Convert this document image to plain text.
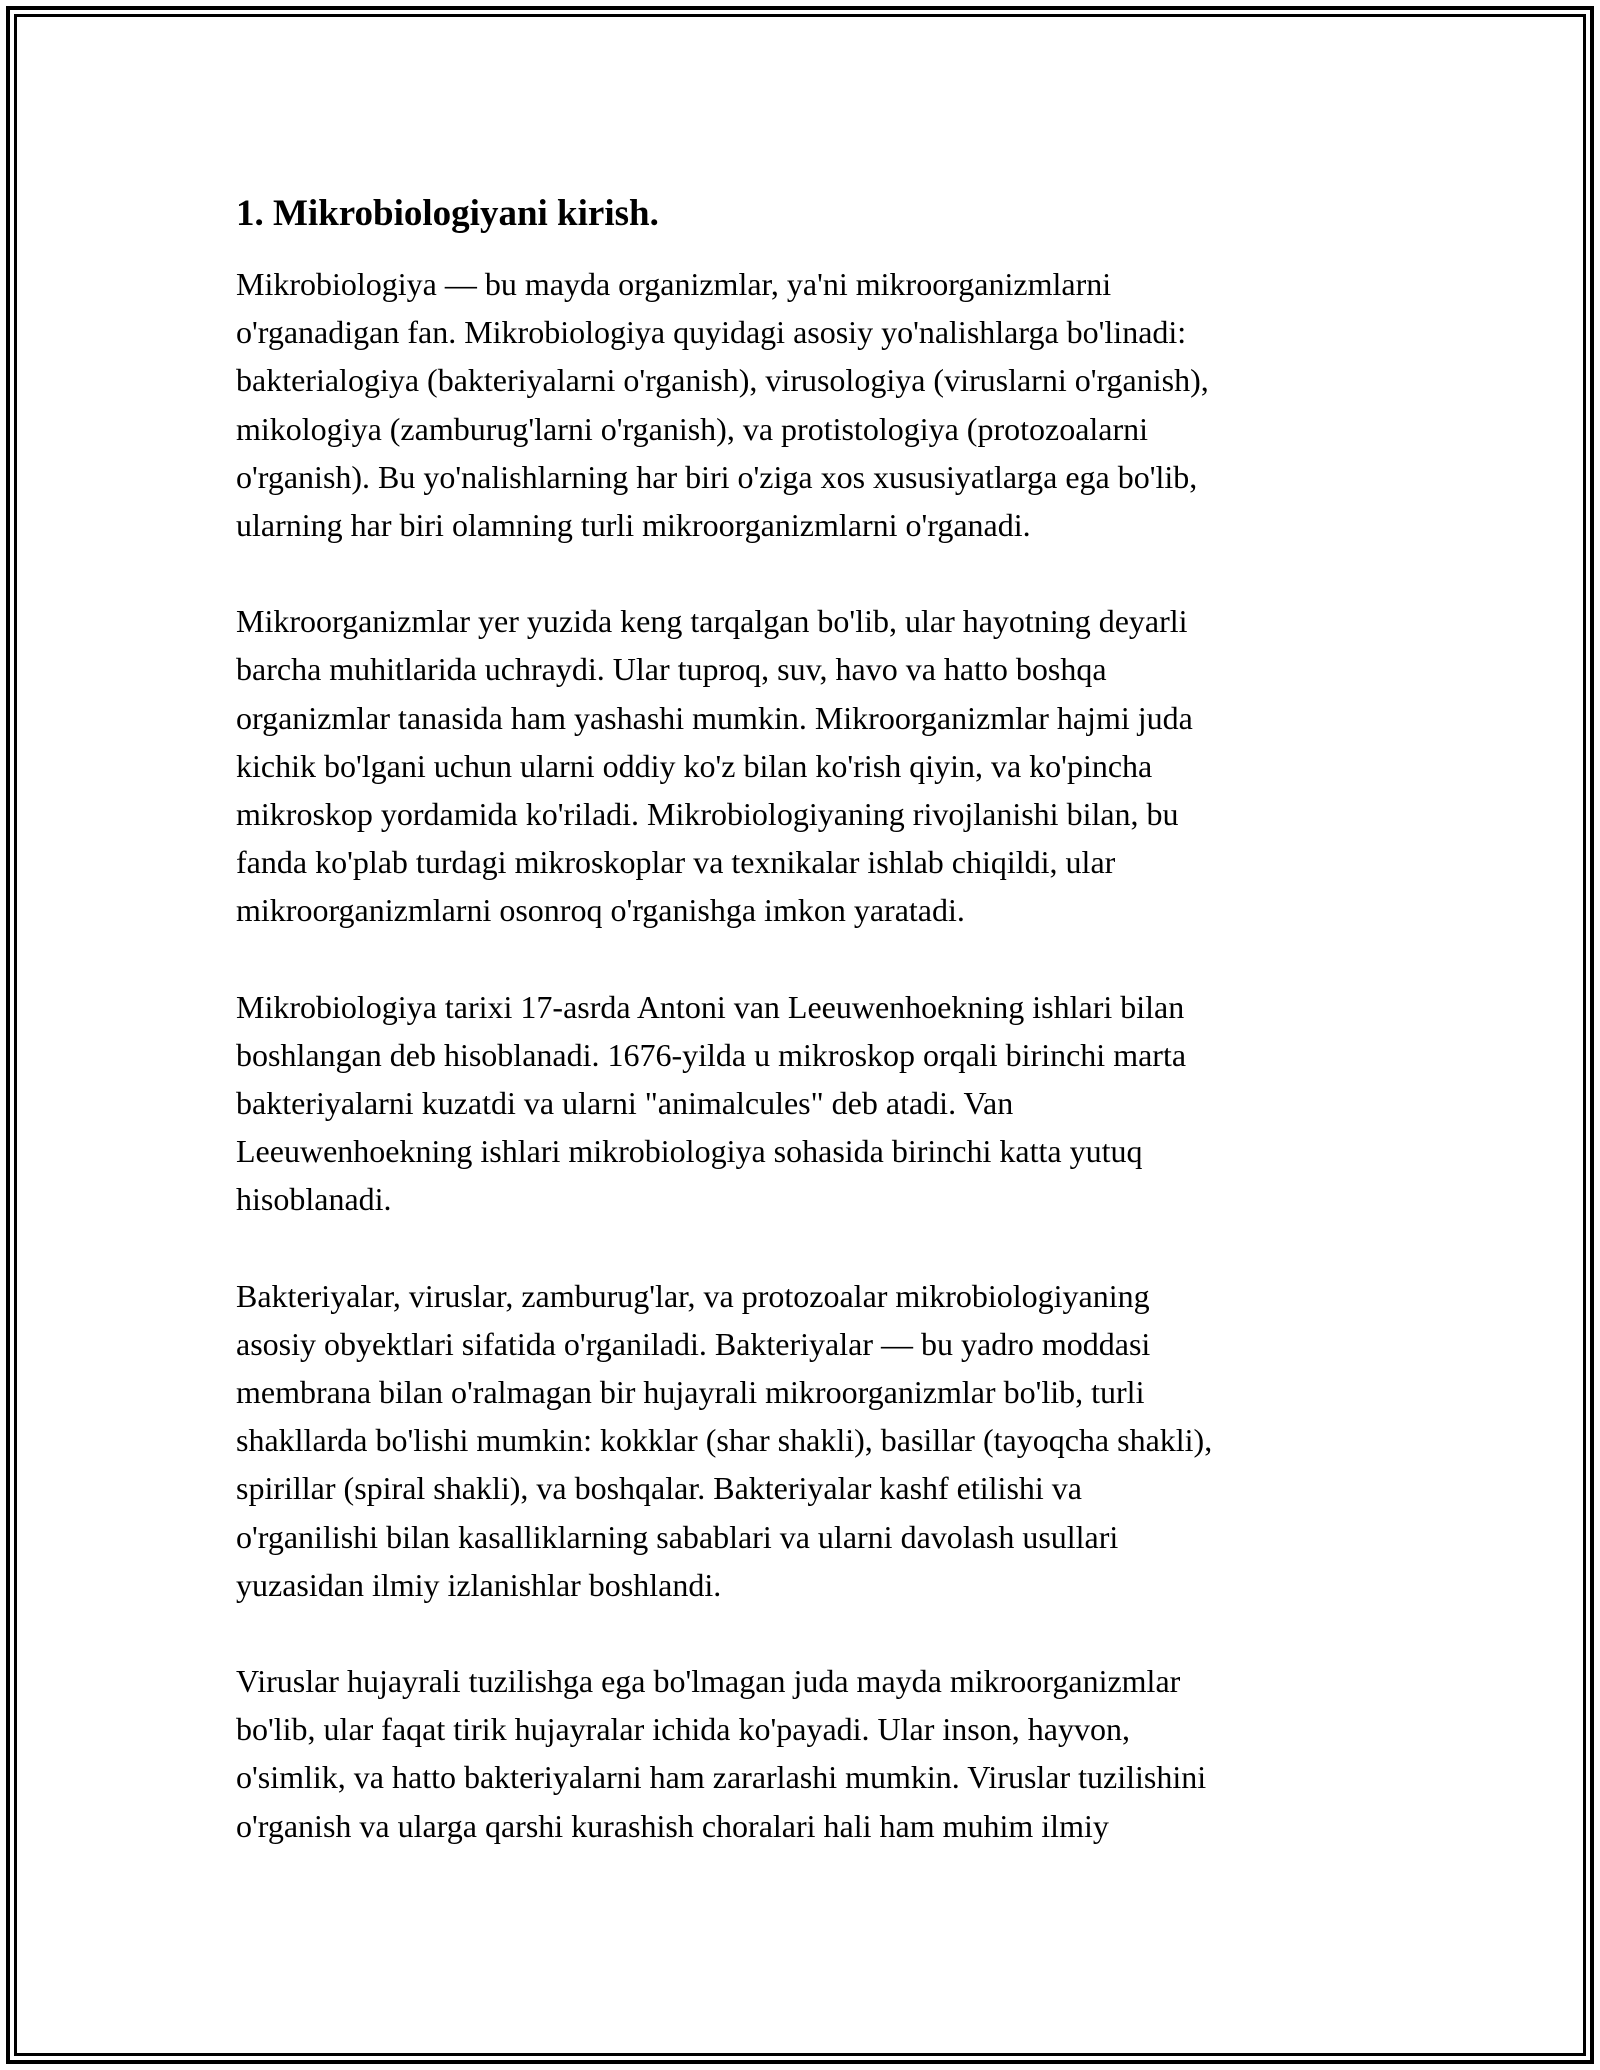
1. Mikrobiologiyani kirish.
Mikrobiologiya — bu mayda organizmlar, ya'ni mikroorganizmlarni
o'rganadigan fan. Mikrobiologiya quyidagi asosiy yo'nalishlarga bo'linadi:
bakterialogiya (bakteriyalarni o'rganish), virusologiya (viruslarni o'rganish),
mikologiya (zamburug'larni o'rganish), va protistologiya (protozoalarni
o'rganish). Bu yo'nalishlarning har biri o'ziga xos xususiyatlarga ega bo'lib,
ularning har biri olamning turli mikroorganizmlarni o'rganadi.
Mikroorganizmlar yer yuzida keng tarqalgan bo'lib, ular hayotning deyarli
barcha muhitlarida uchraydi. Ular tuproq, suv, havo va hatto boshqa
organizmlar tanasida ham yashashi mumkin. Mikroorganizmlar hajmi juda
kichik bo'lgani uchun ularni oddiy ko'z bilan ko'rish qiyin, va ko'pincha
mikroskop yordamida ko'riladi. Mikrobiologiyaning rivojlanishi bilan, bu
fanda ko'plab turdagi mikroskoplar va texnikalar ishlab chiqildi, ular
mikroorganizmlarni osonroq o'rganishga imkon yaratadi.
Mikrobiologiya tarixi 17-asrda Antoni van Leeuwenhoekning ishlari bilan
boshlangan deb hisoblanadi. 1676-yilda u mikroskop orqali birinchi marta
bakteriyalarni kuzatdi va ularni "animalcules" deb atadi. Van
Leeuwenhoekning ishlari mikrobiologiya sohasida birinchi katta yutuq
hisoblanadi.
Bakteriyalar, viruslar, zamburug'lar, va protozoalar mikrobiologiyaning
asosiy obyektlari sifatida o'rganiladi. Bakteriyalar — bu yadro moddasi
membrana bilan o'ralmagan bir hujayrali mikroorganizmlar bo'lib, turli
shakllarda bo'lishi mumkin: kokklar (shar shakli), basillar (tayoqcha shakli),
spirillar (spiral shakli), va boshqalar. Bakteriyalar kashf etilishi va
o'rganilishi bilan kasalliklarning sabablari va ularni davolash usullari
yuzasidan ilmiy izlanishlar boshlandi.
Viruslar hujayrali tuzilishga ega bo'lmagan juda mayda mikroorganizmlar
bo'lib, ular faqat tirik hujayralar ichida ko'payadi. Ular inson, hayvon,
o'simlik, va hatto bakteriyalarni ham zararlashi mumkin. Viruslar tuzilishini
o'rganish va ularga qarshi kurashish choralari hali ham muhim ilmiy
